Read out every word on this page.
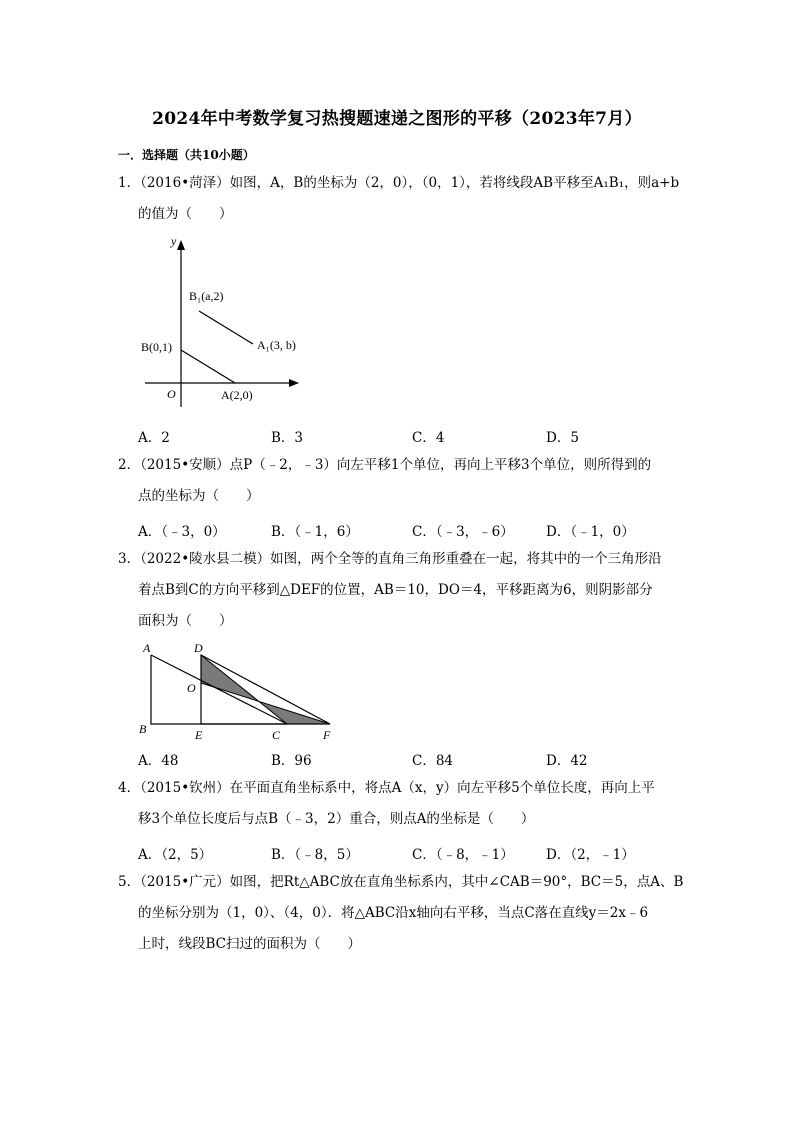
2024年中考数学复习热搜题速递之图形的平移（2023年7月）
一．选择题（共10小题）
1．（2016•菏泽）如图，A，B的坐标为（2，0），（0，1），若将线段AB平移至A₁B₁，则a+b
的值为（　　）
y
O
B₁(a,2)
A₁(3, b)
B(0,1)
A(2,0)
A．2	B．3	C．4	D．5
2．（2015•安顺）点P（﹣2，﹣3）向左平移1个单位，再向上平移3个单位，则所得到的
点的坐标为（　　）
A．（﹣3，0）	B．（﹣1，6）	C．（﹣3，﹣6） D．（﹣1，0）
3．（2022•陵水县二模）如图，两个全等的直角三角形重叠在一起，将其中的一个三角形沿
着点B到C的方向平移到△DEF的位置，AB＝10，DO＝4，平移距离为6，则阴影部分
面积为（　　）
A	D
O
B	E	C	F
A．48	B．96	C．84	D．42
4．（2015•钦州）在平面直角坐标系中，将点A（x，y）向左平移5个单位长度，再向上平
移3个单位长度后与点B（﹣3，2）重合，则点A的坐标是（　　）
A．（2，5）	B．（﹣8，5）	C．（﹣8，﹣1） D．（2，﹣1）
5．（2015•广元）如图，把Rt△ABC放在直角坐标系内，其中∠CAB＝90°，BC＝5，点A、B
的坐标分别为（1，0）、（4，0）．将△ABC沿x轴向右平移，当点C落在直线y＝2x﹣6
上时，线段BC扫过的面积为（　　）
